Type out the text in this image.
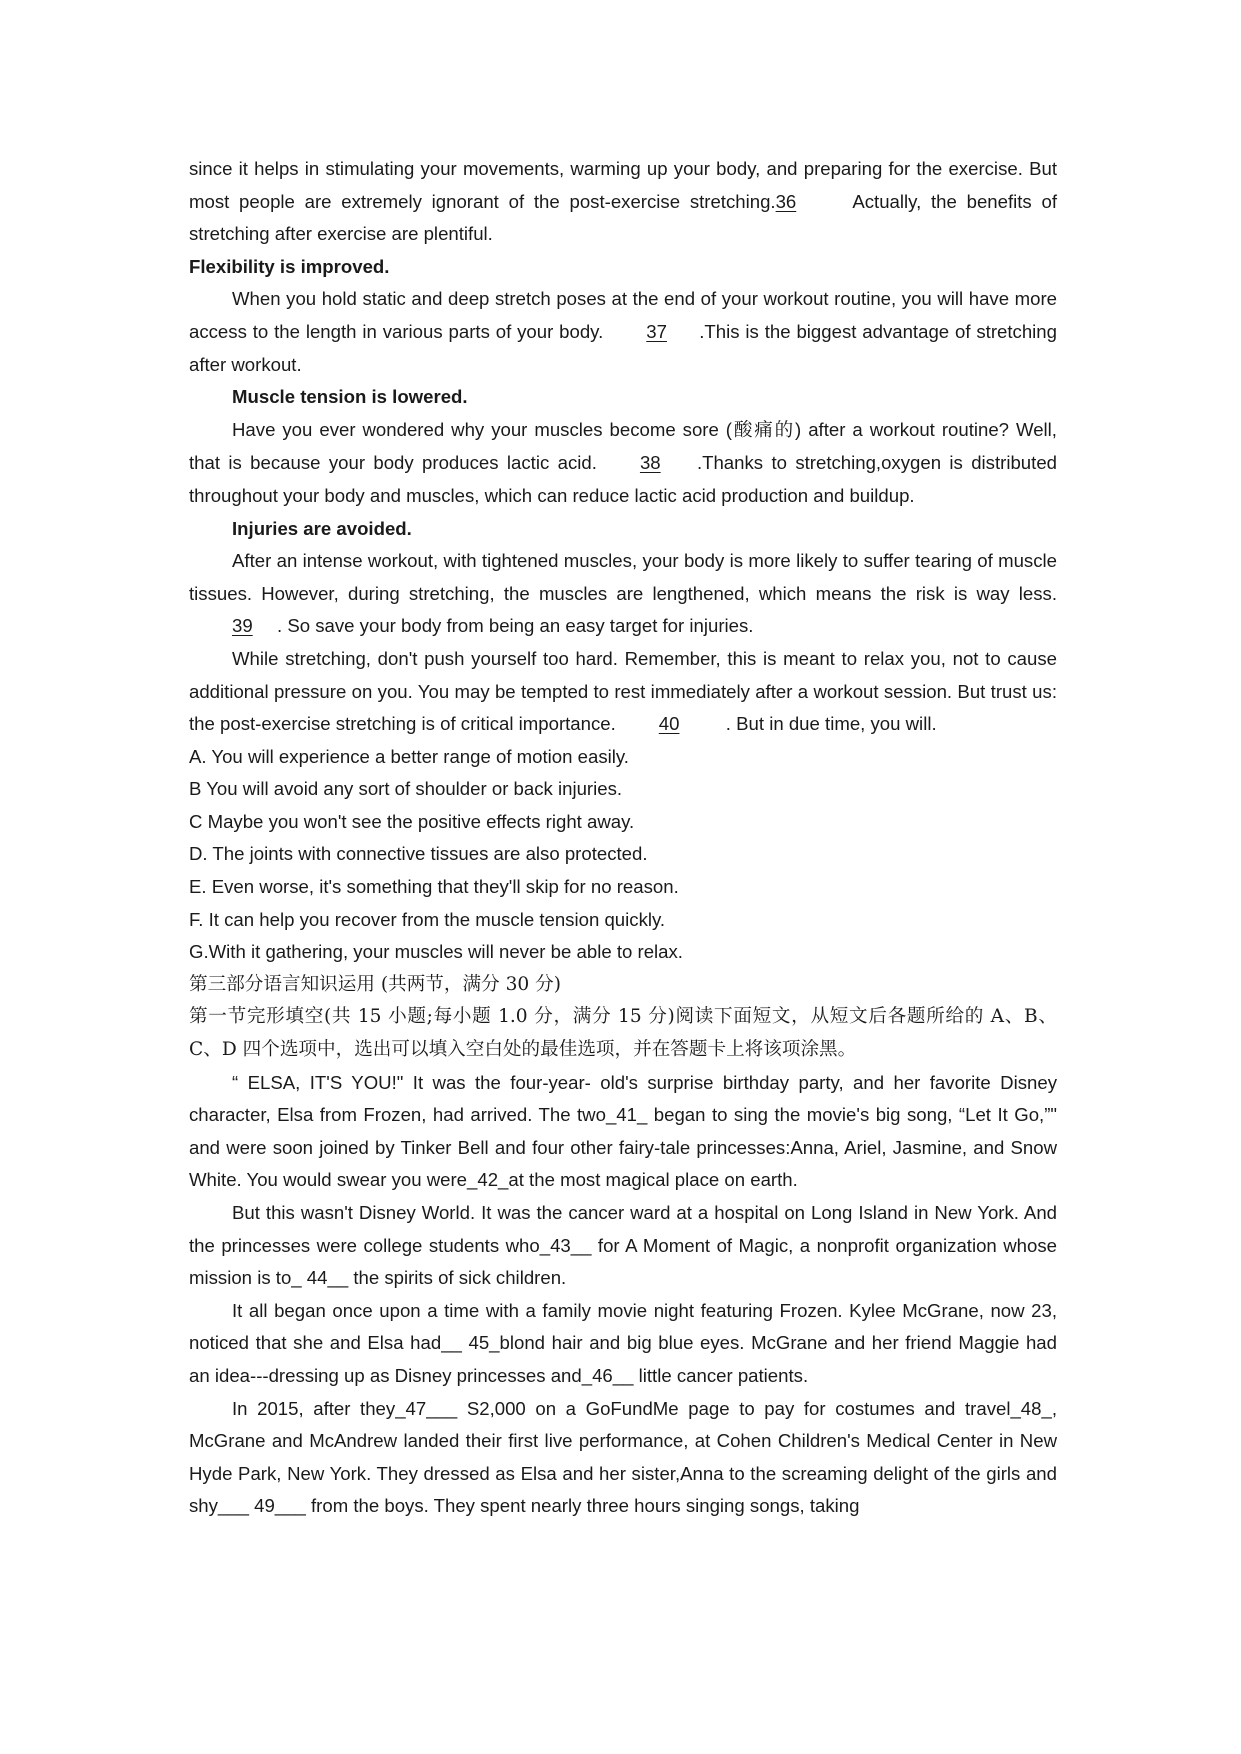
since it helps in stimulating your movements, warming up your body, and preparing for the exercise. But most people are extremely ignorant of the post-exercise stretching.36	Actually, the benefits of stretching after exercise are plentiful.

Flexibility is improved.

When you hold static and deep stretch poses at the end of your workout routine, you will have more access to the length in various parts of your body. 37 .This is the biggest advantage of stretching after workout.

Muscle tension is lowered.

Have you ever wondered why your muscles become sore (酸痛的) after a workout routine? Well, that is because your body produces lactic acid. 38 .Thanks to stretching,oxygen is distributed throughout your body and muscles, which can reduce lactic acid production and buildup.

Injuries are avoided.

After an intense workout, with tightened muscles, your body is more likely to suffer tearing of muscle tissues. However, during stretching, the muscles are lengthened, which means the risk is way less.39 . So save your body from being an easy target for injuries.

While stretching, don't push yourself too hard. Remember, this is meant to relax you, not to cause additional pressure on you. You may be tempted to rest immediately after a workout session. But trust us: the post-exercise stretching is of critical importance. 40 . But in due time, you will.

A. You will experience a better range of motion easily.

B You will avoid any sort of shoulder or back injuries.

C Maybe you won't see the positive effects right away.

D. The joints with connective tissues are also protected.

E. Even worse, it's something that they'll skip for no reason.

F. It can help you recover from the muscle tension quickly.

G.With it gathering, your muscles will never be able to relax.

第三部分语言知识运用 (共两节，满分 30 分)

第一节完形填空(共 15 小题;每小题 1.0 分，满分 15 分)阅读下面短文，从短文后各题所给的 A、B、C、D 四个选项中，选出可以填入空白处的最佳选项，并在答题卡上将该项涂黑。

“ ELSA, IT'S YOU!" It was the four-year- old's surprise birthday party, and her favorite Disney character, Elsa from Frozen, had arrived. The two_41_ began to sing the movie's big song, “Let It Go,”" and were soon joined by Tinker Bell and four other fairy-tale princesses:Anna, Ariel, Jasmine, and Snow White. You would swear you were_42_at the most magical place on earth.

But this wasn't Disney World. It was the cancer ward at a hospital on Long Island in New York. And the princesses were college students who_43__ for A Moment of Magic, a nonprofit organization whose mission is to_ 44__ the spirits of sick children.

It all began once upon a time with a family movie night featuring Frozen. Kylee McGrane, now 23, noticed that she and Elsa had__ 45_blond hair and big blue eyes. McGrane and her friend Maggie had an idea---dressing up as Disney princesses and_46__ little cancer patients.

In 2015, after they_47___ S2,000 on a GoFundMe page to pay for costumes and travel_48_, McGrane and McAndrew landed their first live performance, at Cohen Children's Medical Center in New Hyde Park, New York. They dressed as Elsa and her sister,Anna to the screaming delight of the girls and shy___ 49___ from the boys. They spent nearly three hours singing songs, taking
